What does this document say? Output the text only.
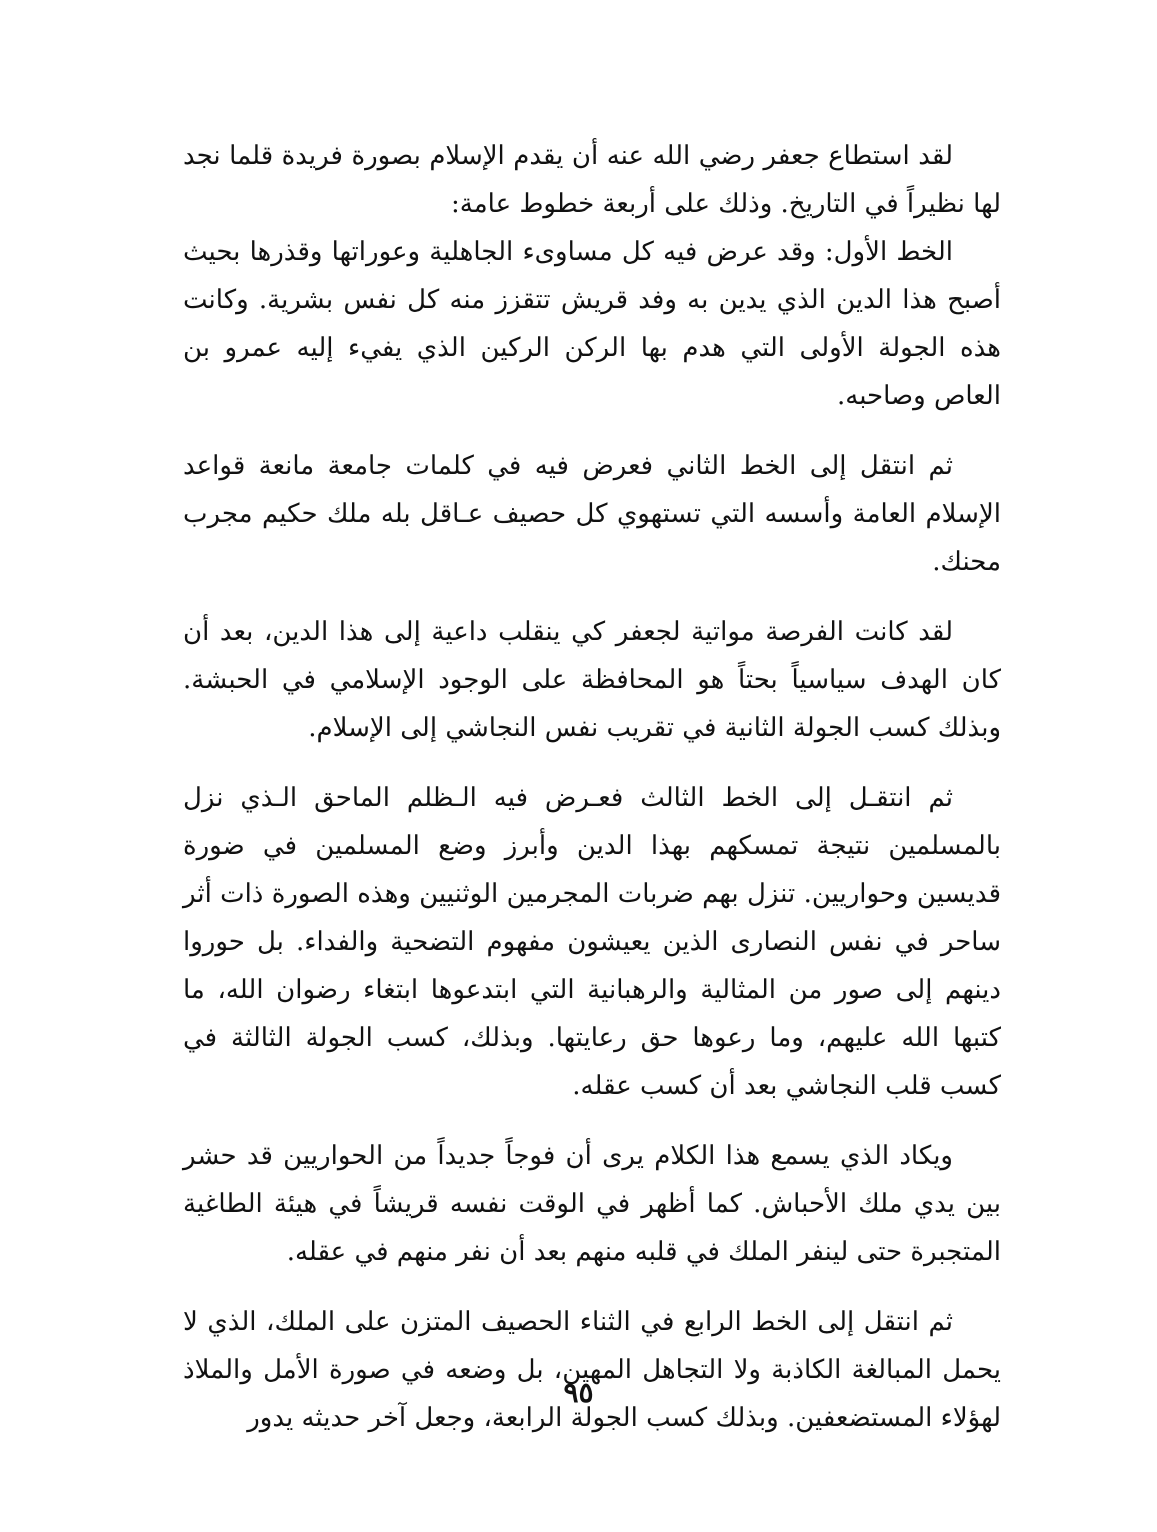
لقد استطاع جعفر رضي الله عنه أن يقدم الإسلام بصورة فريدة قلما نجد لها نظيراً في التاريخ. وذلك على أربعة خطوط عامة:

الخط الأول: وقد عرض فيه كل مساوىء الجاهلية وعوراتها وقذرها بحيث أصبح هذا الدين الذي يدين به وفد قريش تتقزز منه كل نفس بشرية. وكانت هذه الجولة الأولى التي هدم بها الركن الركين الذي يفيء إليه عمرو بن العاص وصاحبه.

ثم انتقل إلى الخط الثاني فعرض فيه في كلمات جامعة مانعة قواعد الإسلام العامة وأسسه التي تستهوي كل حصيف عـاقل بله ملك حكيم مجرب محنك.

لقد كانت الفرصة مواتية لجعفر كي ينقلب داعية إلى هذا الدين، بعد أن كان الهدف سياسياً بحتاً هو المحافظة على الوجود الإسلامي في الحبشة. وبذلك كسب الجولة الثانية في تقريب نفس النجاشي إلى الإسلام.

ثم انتقـل إلى الخط الثالث فعـرض فيه الـظلم الماحق الـذي نزل بالمسلمين نتيجة تمسكهم بهذا الدين وأبرز وضع المسلمين في ضورة قديسين وحواريين. تنزل بهم ضربات المجرمين الوثنيين وهذه الصورة ذات أثر ساحر في نفس النصارى الذين يعيشون مفهوم التضحية والفداء. بل حوروا دينهم إلى صور من المثالية والرهبانية التي ابتدعوها ابتغاء رضوان الله، ما كتبها الله عليهم، وما رعوها حق رعايتها. وبذلك، كسب الجولة الثالثة في كسب قلب النجاشي بعد أن كسب عقله.

ويكاد الذي يسمع هذا الكلام يرى أن فوجاً جديداً من الحواريين قد حشر بين يدي ملك الأحباش. كما أظهر في الوقت نفسه قريشاً في هيئة الطاغية المتجبرة حتى لينفر الملك في قلبه منهم بعد أن نفر منهم في عقله.

ثم انتقل إلى الخط الرابع في الثناء الحصيف المتزن على الملك، الذي لا يحمل المبالغة الكاذبة ولا التجاهل المهين، بل وضعه في صورة الأمل والملاذ لهؤلاء المستضعفين. وبذلك كسب الجولة الرابعة، وجعل آخر حديثه يدور

٩٥
